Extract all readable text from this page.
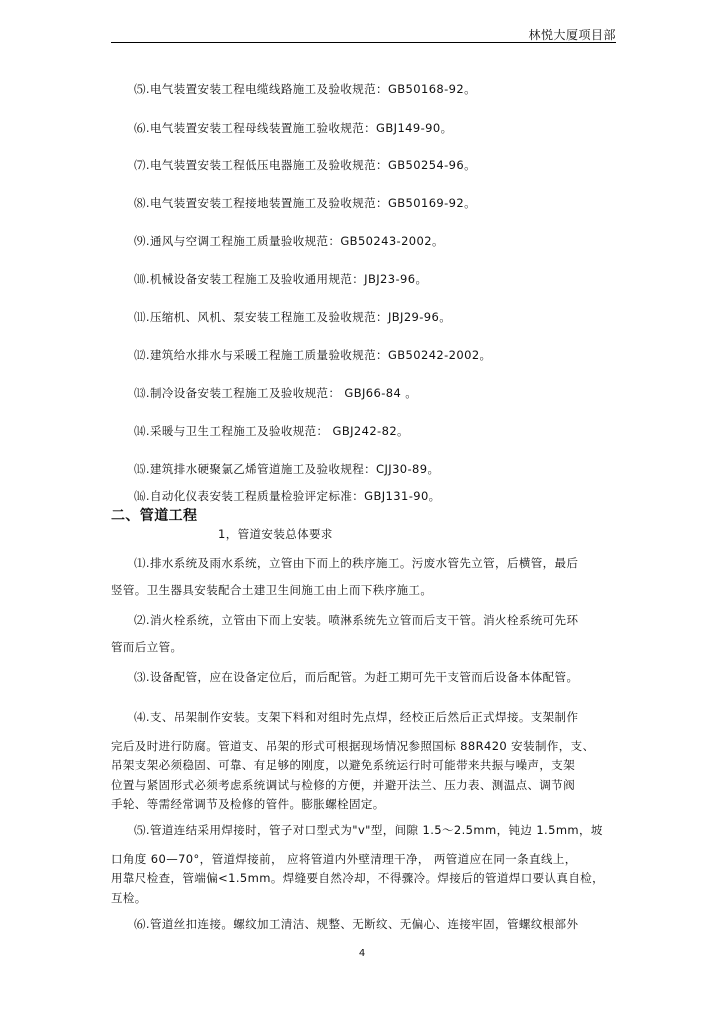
林悦大厦项目部
⑸.电气装置安装工程电缆线路施工及验收规范：GB50168-92。
⑹.电气装置安装工程母线装置施工验收规范：GBJ149-90。
⑺.电气装置安装工程低压电器施工及验收规范：GB50254-96。
⑻.电气装置安装工程接地装置施工及验收规范：GB50169-92。
⑼.通风与空调工程施工质量验收规范：GB50243-2002。
⑽.机械设备安装工程施工及验收通用规范：JBJ23-96。
⑾.压缩机、风机、泵安装工程施工及验收规范：JBJ29-96。
⑿.建筑给水排水与采暖工程施工质量验收规范：GB50242-2002。
⒀.制冷设备安装工程施工及验收规范： GBJ66-84 。
⒁.采暖与卫生工程施工及验收规范： GBJ242-82。
⒂.建筑排水硬聚氯乙烯管道施工及验收规程：CJJ30-89。
⒃.自动化仪表安装工程质量检验评定标准：GBJ131-90。
二、管道工程
1，管道安装总体要求
⑴.排水系统及雨水系统，立管由下而上的秩序施工。污废水管先立管，后横管，最后
竖管。卫生器具安装配合土建卫生间施工由上而下秩序施工。
⑵.消火栓系统，立管由下而上安装。喷淋系统先立管而后支干管。消火栓系统可先环
管而后立管。
⑶.设备配管，应在设备定位后，而后配管。为赶工期可先干支管而后设备本体配管。
⑷.支、吊架制作安装。支架下料和对组时先点焊，经校正后然后正式焊接。支架制作
完后及时进行防腐。管道支、吊架的形式可根据现场情况参照国标 88R420 安装制作，支、
吊架支架必须稳固、可靠、有足够的刚度，以避免系统运行时可能带来共振与噪声，支架
位置与紧固形式必须考虑系统调试与检修的方便，并避开法兰、压力表、测温点、调节阀
手轮、等需经常调节及检修的管件。膨胀螺栓固定。
⑸.管道连结采用焊接时，管子对口型式为"v"型，间隙 1.5～2.5mm，钝边 1.5mm，坡
口角度 60—70°，管道焊接前， 应将管道内外壁清理干净， 两管道应在同一条直线上，
用靠尺检查，管端偏<1.5mm。焊缝要自然冷却，不得骤冷。焊接后的管道焊口要认真自检，
互检。
⑹.管道丝扣连接。螺纹加工清洁、规整、无断纹、无偏心、连接牢固，管螺纹根部外
4
